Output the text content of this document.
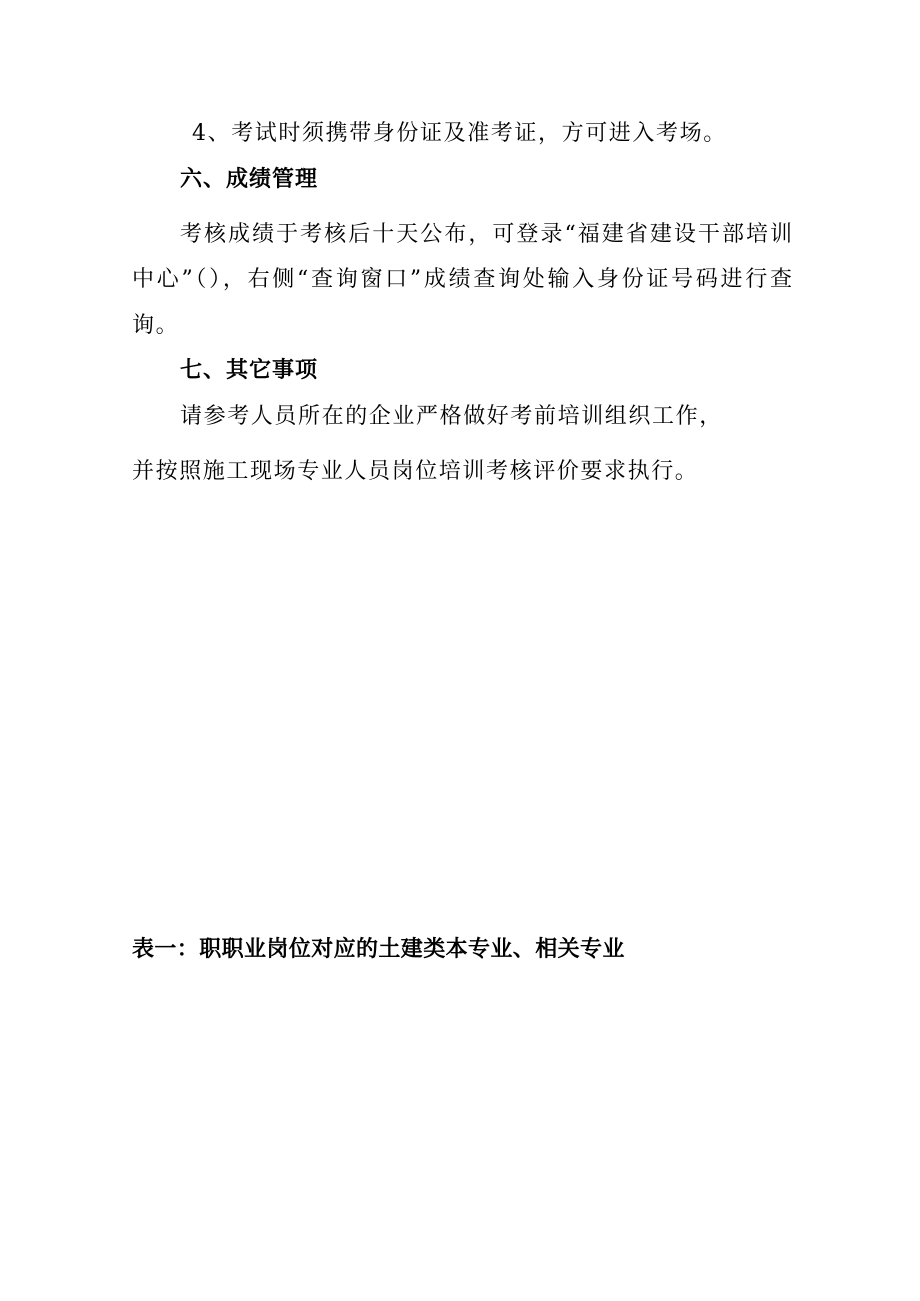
4、考试时须携带身份证及准考证，方可进入考场。
六、成绩管理
考核成绩于考核后十天公布，可登录“福建省建设干部培训
中心”（），右侧“查询窗口”成绩查询处输入身份证号码进行查
询。
七、其它事项
请参考人员所在的企业严格做好考前培训组织工作，
并按照施工现场专业人员岗位培训考核评价要求执行。
表一：职职业岗位对应的土建类本专业、相关专业
